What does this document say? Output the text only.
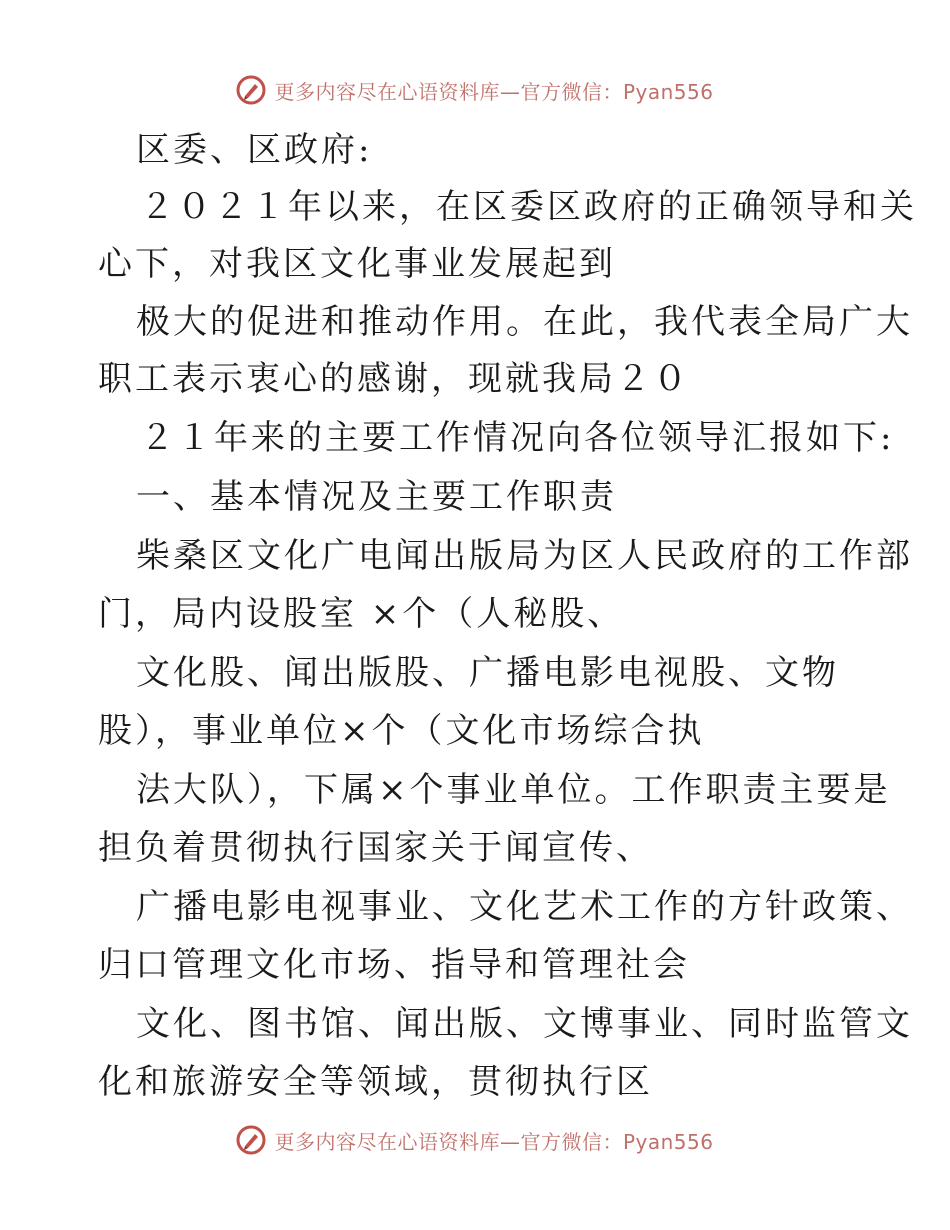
更多内容尽在心语资料库—官方微信：Pyan556
区委、区政府:
２０２１年以来，在区委区政府的正确领导和关
心下，对我区文化事业发展起到
极大的促进和推动作用。在此，我代表全局广大
职工表示衷心的感谢，现就我局２０
２１年来的主要工作情况向各位领导汇报如下:
一、基本情况及主要工作职责
柴桑区文化广电闻出版局为区人民政府的工作部
门，局内设股室 ×个（人秘股、
文化股、闻出版股、广播电影电视股、文物
股），事业单位×个（文化市场综合执
法大队），下属×个事业单位。工作职责主要是
担负着贯彻执行国家关于闻宣传、
广播电影电视事业、文化艺术工作的方针政策、
归口管理文化市场、指导和管理社会
文化、图书馆、闻出版、文博事业、同时监管文
化和旅游安全等领域，贯彻执行区
更多内容尽在心语资料库—官方微信：Pyan556
